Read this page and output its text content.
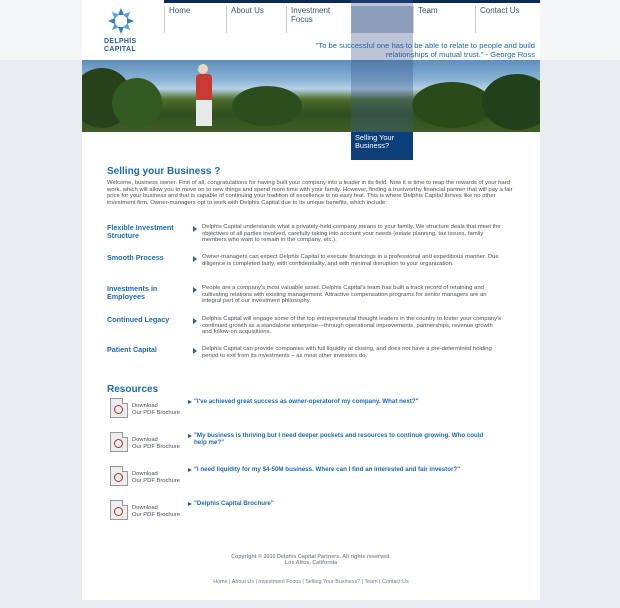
DELPHIS
CAPITAL
Home	About Us	Investment Focus
Team	Contact Us
"To be successful one has to be able to relate to people and build relationships of mutual trust." - George Ross
Selling Your Business?
Selling your Business ?
Welcome, business owner. First of all, congratulations for having built your company into a leader in its field. Now it is time to reap the rewards of your hard work, which will allow you to move on to new things and spend more time with your family. However, finding a trustworthy financial partner that will pay a fair price for your business and that is capable of continuing your tradition of excellence is no easy feat. This is where Delphis Capital thrives like no other investment firm. Owner-managers opt to work with Delphis Capital due to its unique benefits, which include:
Flexible Investment Structure
Delphis Capital understands what a privately-held company means to your family. We structure deals that meet the objectives of all parties involved, carefully taking into account your needs (estate planning, tax issues, family members who want to remain in the company, etc.).
Smooth Process	Owner-managers can expect Delphis Capital to execute financings in a professional and expeditious manner. Due diligence is completed fairly, with confidentiality, and with minimal disruption to your organization.
Investments in Employees
People are a company's most valuable asset. Delphis Capital's team has built a track record of retaining and cultivating relations with existing management. Attractive compensation programs for senior managers are an integral part of our investment philosophy.
Continued Legacy	Delphis Capital will engage some of the top entrepreneurial thought leaders in the country to foster your company's continued growth as a standalone enterprise—through operational improvements, partnerships, revenue growth and follow-on acquisitions.
Patient Capital	Delphis Capital can provide companies with full liquidity at closing, and does not have a pre-determined holding period to exit from its investments – as most other investors do.
Resources
Download
Our PDF Brochure
"I've achieved great success as owner-operatorof my company. What next?"
Download
Our PDF Brochure
"My business is thriving but I need deeper pockets and resources to continue growing. Who could help me?"
Download
Our PDF Brochure
"I need liquidity for my $4-50M business. Where can I find an interested and fair investor?"
Download
Our PDF Brochure
"Delphis Capital Brochure"
Copyright © 2010 Delphis Capital Partners. All rights reserved.
Los Altos, California
Home | About Us | Investment Focus | Selling Your Business? | Team | Contact Us
